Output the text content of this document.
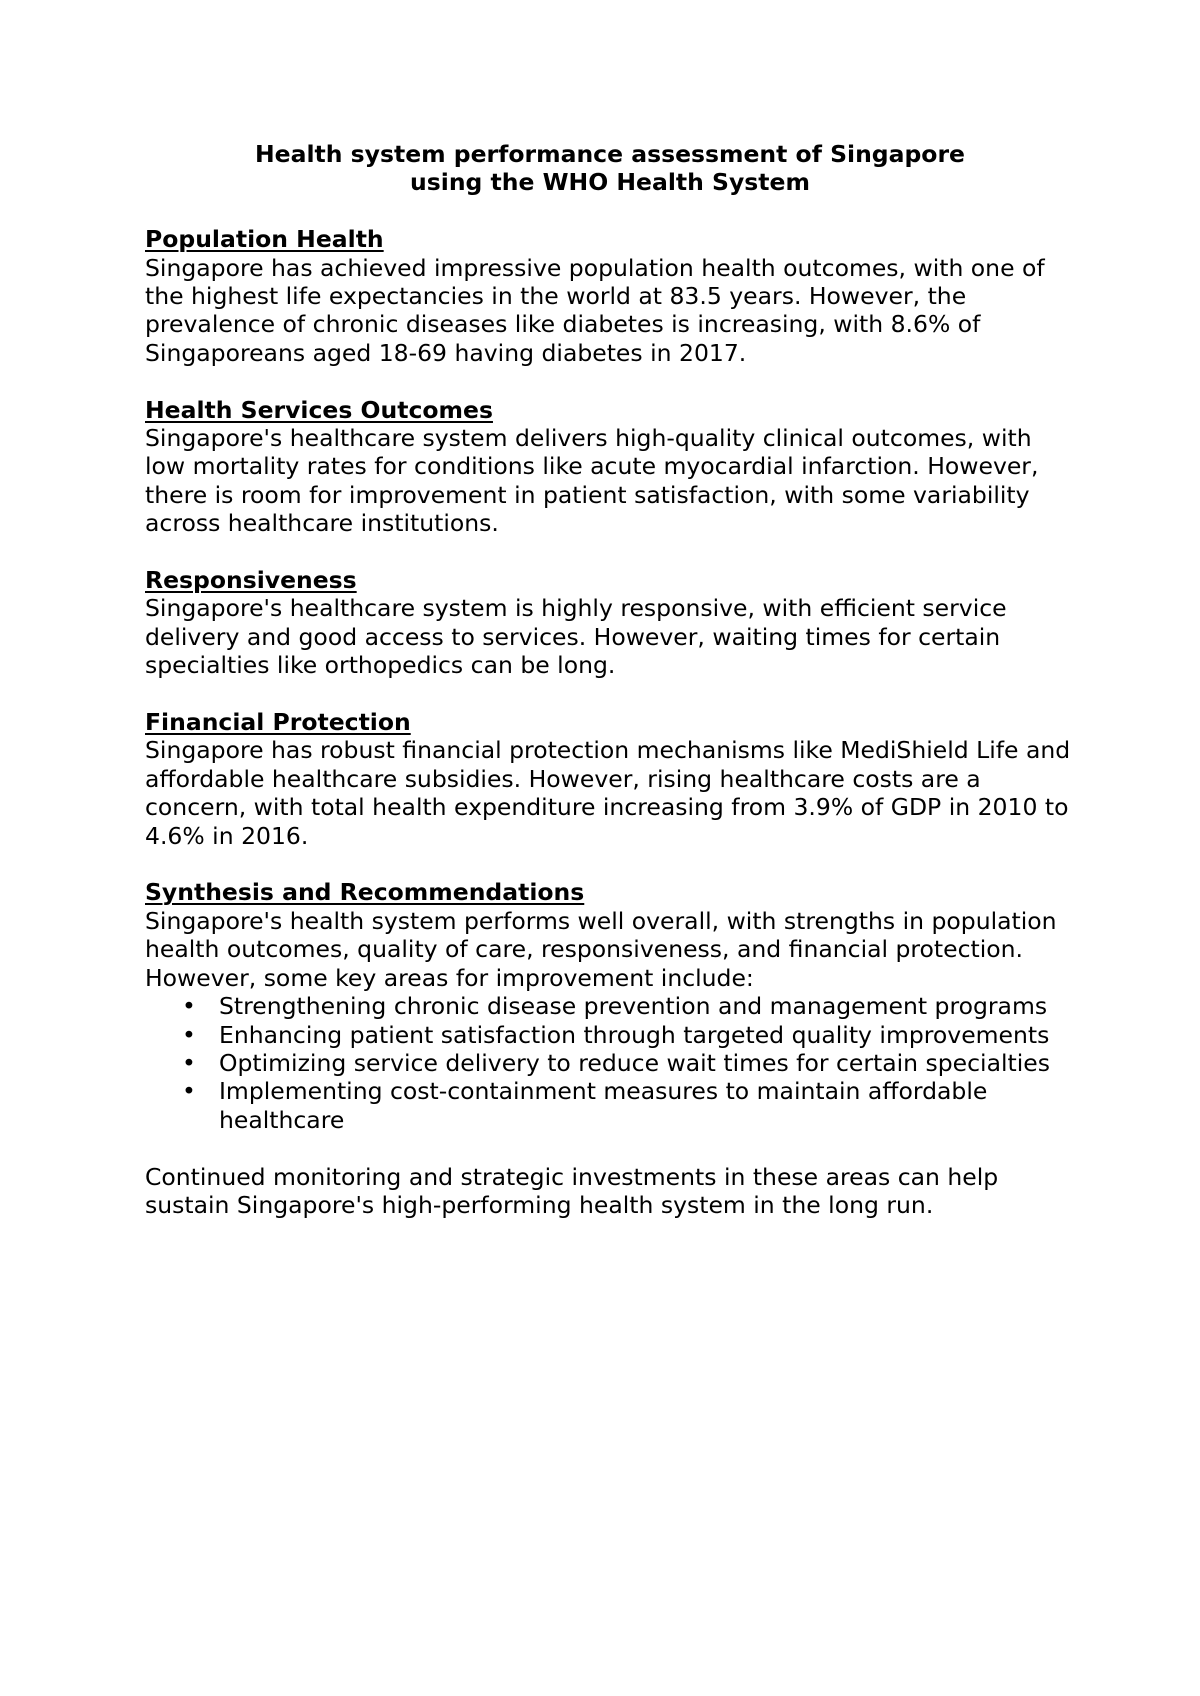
Health system performance assessment of Singapore
using the WHO Health System
Population Health
Singapore has achieved impressive population health outcomes, with one of the highest life expectancies in the world at 83.5 years. However, the prevalence of chronic diseases like diabetes is increasing, with 8.6% of Singaporeans aged 18-69 having diabetes in 2017.
Health Services Outcomes
Singapore's healthcare system delivers high-quality clinical outcomes, with low mortality rates for conditions like acute myocardial infarction. However, there is room for improvement in patient satisfaction, with some variability across healthcare institutions.
Responsiveness
Singapore's healthcare system is highly responsive, with efficient service delivery and good access to services. However, waiting times for certain specialties like orthopedics can be long.
Financial Protection
Singapore has robust financial protection mechanisms like MediShield Life and affordable healthcare subsidies. However, rising healthcare costs are a concern, with total health expenditure increasing from 3.9% of GDP in 2010 to 4.6% in 2016.
Synthesis and Recommendations
Singapore's health system performs well overall, with strengths in population health outcomes, quality of care, responsiveness, and financial protection. However, some key areas for improvement include:
• Strengthening chronic disease prevention and management programs
• Enhancing patient satisfaction through targeted quality improvements
• Optimizing service delivery to reduce wait times for certain specialties
• Implementing cost-containment measures to maintain affordable healthcare
Continued monitoring and strategic investments in these areas can help sustain Singapore's high-performing health system in the long run.
